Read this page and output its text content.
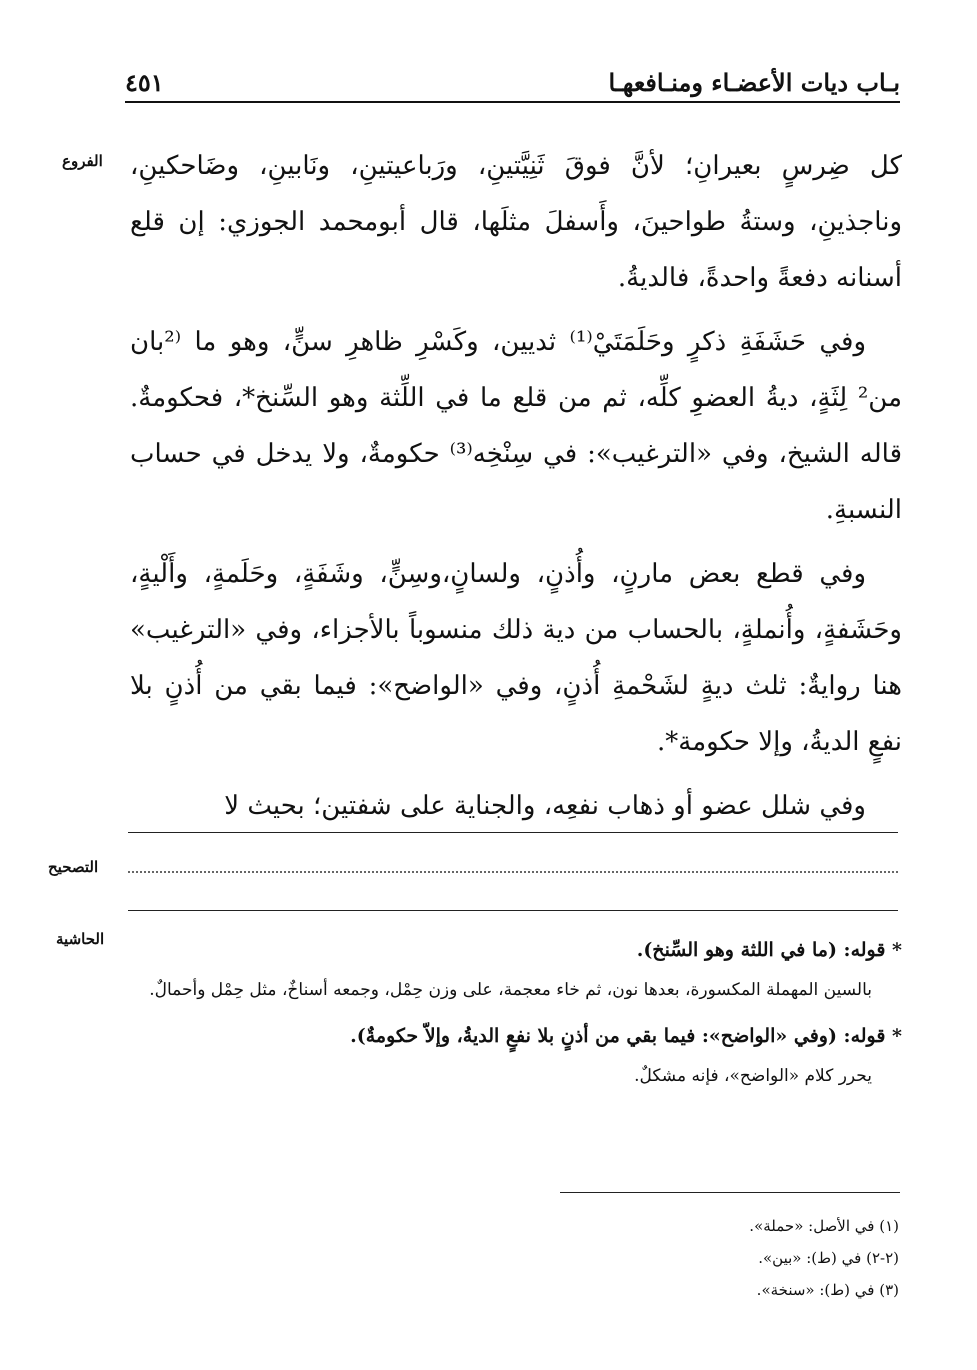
بـاب ديات الأعضـاء ومنـافعهـا
٤٥١
الفروع
التصحيح
الحاشية

كل ضِرسٍ بعيرانِ؛ لأنَّ فوقَ ثَنِيَّتينِ، ورَباعيتينِ، ونَابينِ، وضَاحكينِ، وناجذينِ، وستةُ طواحينَ، وأَسفلَ مثلَها، قال أبومحمد الجوزي: إن قلع أسنانه دفعةً واحدةً، فالديةُ.

وفي حَشَفَةِ ذكرٍ وحَلَمَتَيْ⁽¹⁾ ثديين، وكَسْرِ ظاهرِ سنٍّ، وهو ما ⁽²بان من² لِثَةٍ، ديةُ العضوِ كلِّه، ثم من قلع ما في اللِّثة وهو السِّنخ*، فحكومةٌ. قاله الشيخ، وفي «الترغيب»: في سِنْخِه⁽³⁾ حكومةٌ، ولا يدخل في حساب النسبةِ.

وفي قطع بعض مارنٍ، وأُذنٍ، ولسانٍ،وسِنٍّ، وشَفَةٍ، وحَلَمةٍ، وأَلْيةٍ، وحَشَفةٍ، وأُنملةٍ، بالحساب من دية ذلك منسوباً بالأجزاء، وفي «الترغيب» هنا روايةٌ: ثلث ديةٍ لشَحْمةِ أُذنٍ، وفي «الواضح»: فيما بقي من أُذنٍ بلا نفعٍ الديةُ، وإلا حكومة*.

وفي شلل عضو أو ذهاب نفعِه، والجناية على شفتين؛ بحيث لا

* قوله: (ما في اللثة وهو السِّنخ).

بالسين المهملة المكسورة، بعدها نون، ثم خاء معجمة، على وزن حِمْل، وجمعه أسناخٌ، مثل حِمْل وأحمالٌ.

* قوله: (وفي «الواضح»: فيما بقي من أذنٍ بلا نفعٍ الديةُ، وإلاّ حكومةٌ).

يحرر كلام «الواضح»، فإنه مشكلٌ.

(١) في الأصل: «حملة».

(٢-٢) في (ط): «بين».

(٣) في (ط): «سنخة».
